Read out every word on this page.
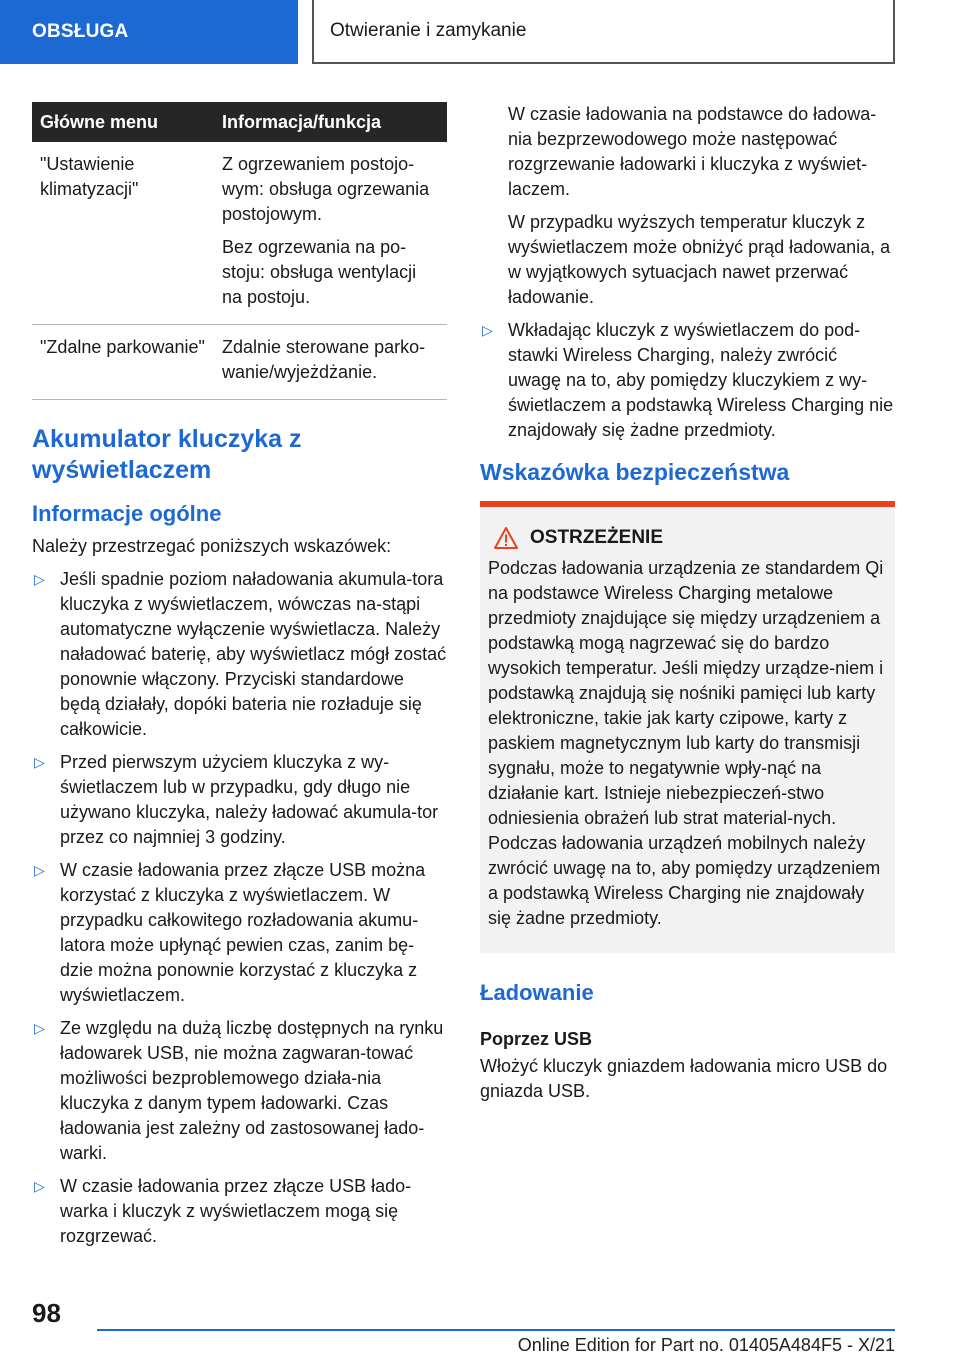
OBSŁUGA	Otwieranie i zamykanie
Główne menu	Informacja/funkcja
"Ustawienie klimatyzacji"	Z ogrzewaniem postojo-wym: obsługa ogrzewania postojowym.

Bez ogrzewania na po-stoju: obsługa wentylacji na postoju.

"Zdalne parkowanie"	Zdalnie sterowane parko-wanie/wyjeżdżanie.

Akumulator kluczyka z wyświetlaczem
Informacje ogólne
Należy przestrzegać poniższych wskazówek:
▷ Jeśli spadnie poziom naładowania akumula-tora kluczyka z wyświetlaczem, wówczas na-stąpi automatyczne wyłączenie wyświetlacza. Należy naładować baterię, aby wyświetlacz mógł zostać ponownie włączony. Przyciski standardowe będą działały, dopóki bateria nie rozładuje się całkowicie.
▷ Przed pierwszym użyciem kluczyka z wy-świetlaczem lub w przypadku, gdy długo nie używano kluczyka, należy ładować akumula-tor przez co najmniej 3 godziny.
▷ W czasie ładowania przez złącze USB można korzystać z kluczyka z wyświetlaczem. W przypadku całkowitego rozładowania akumu-latora może upłynąć pewien czas, zanim bę-dzie można ponownie korzystać z kluczyka z wyświetlaczem.
▷ Ze względu na dużą liczbę dostępnych na rynku ładowarek USB, nie można zagwaran-tować możliwości bezproblemowego działa-nia kluczyka z danym typem ładowarki. Czas ładowania jest zależny od zastosowanej łado-warki.
▷ W czasie ładowania przez złącze USB łado-warka i kluczyk z wyświetlaczem mogą się rozgrzewać.
W czasie ładowania na podstawce do ładowa-nia bezprzewodowego może następować rozgrzewanie ładowarki i kluczyka z wyświet-laczem.
W przypadku wyższych temperatur kluczyk z wyświetlaczem może obniżyć prąd ładowania, a w wyjątkowych sytuacjach nawet przerwać ładowanie.
▷ Wkładając kluczyk z wyświetlaczem do pod-stawki Wireless Charging, należy zwrócić uwagę na to, aby pomiędzy kluczykiem z wy-świetlaczem a podstawką Wireless Charging nie znajdowały się żadne przedmioty.
Wskazówka bezpieczeństwa
OSTRZEŻENIE
Podczas ładowania urządzenia ze standardem Qi na podstawce Wireless Charging metalowe przedmioty znajdujące się między urządzeniem a podstawką mogą nagrzewać się do bardzo wysokich temperatur. Jeśli między urządze-niem i podstawką znajdują się nośniki pamięci lub karty elektroniczne, takie jak karty czipowe, karty z paskiem magnetycznym lub karty do transmisji sygnału, może to negatywnie wpły-nąć na działanie kart. Istnieje niebezpieczeń-stwo odniesienia obrażeń lub strat material-nych. Podczas ładowania urządzeń mobilnych należy zwrócić uwagę na to, aby pomiędzy urządzeniem a podstawką Wireless Charging nie znajdowały się żadne przedmioty.
Ładowanie
Poprzez USB
Włożyć kluczyk gniazdem ładowania micro USB do gniazda USB.
98
Online Edition for Part no. 01405A484F5 - X/21
